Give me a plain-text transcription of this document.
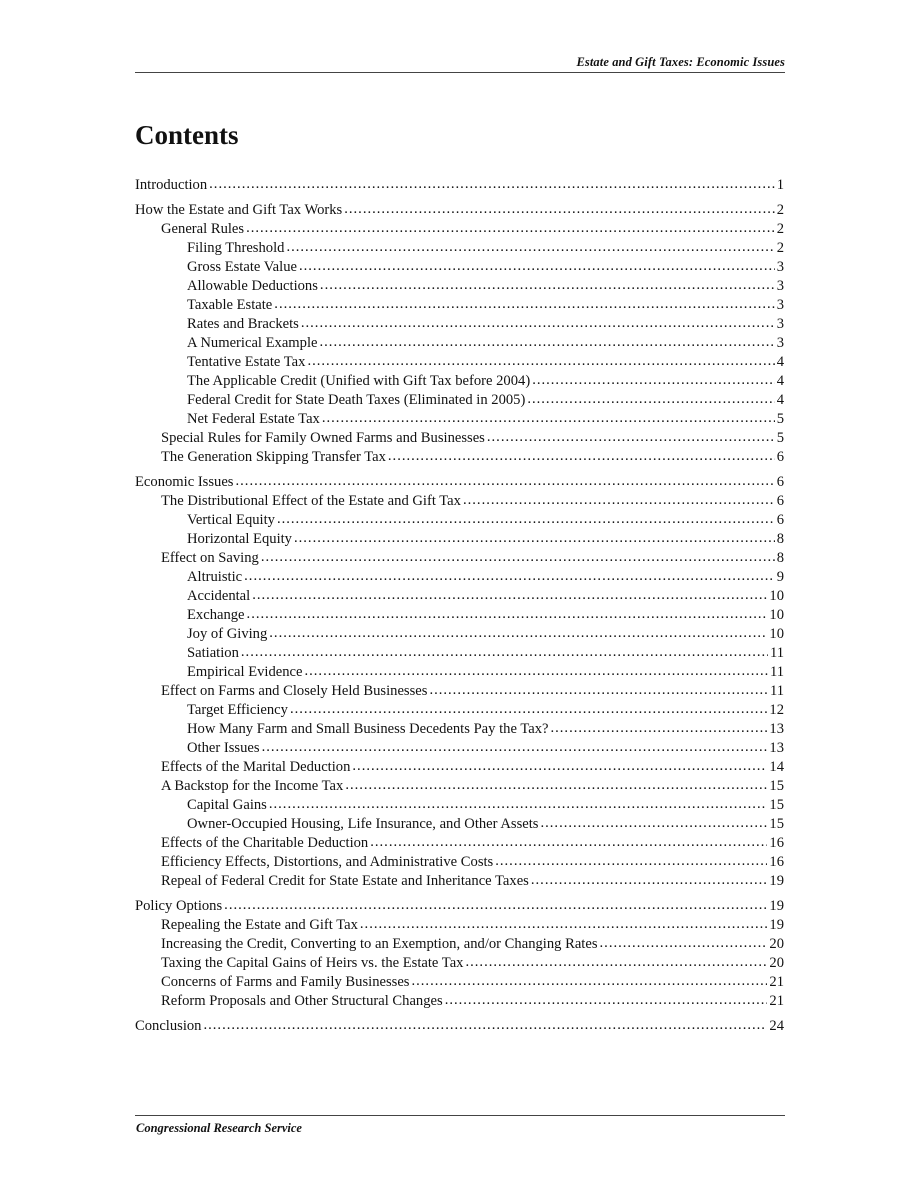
Estate and Gift Taxes: Economic Issues
Contents
Introduction .....	1
How the Estate and Gift Tax Works .....	2
General Rules .....	2
Filing Threshold .....	2
Gross Estate Value .....	3
Allowable Deductions .....	3
Taxable Estate .....	3
Rates and Brackets .....	3
A Numerical Example .....	3
Tentative Estate Tax .....	4
The Applicable Credit (Unified with Gift Tax before 2004) .....	4
Federal Credit for State Death Taxes (Eliminated in 2005) .....	4
Net Federal Estate Tax .....	5
Special Rules for Family Owned Farms and Businesses .....	5
The Generation Skipping Transfer Tax .....	6
Economic Issues .....	6
The Distributional Effect of the Estate and Gift Tax .....	6
Vertical Equity .....	6
Horizontal Equity .....	8
Effect on Saving .....	8
Altruistic .....	9
Accidental .....	10
Exchange .....	10
Joy of Giving .....	10
Satiation .....	11
Empirical Evidence .....	11
Effect on Farms and Closely Held Businesses .....	11
Target Efficiency .....	12
How Many Farm and Small Business Decedents Pay the Tax? .....	13
Other Issues .....	13
Effects of the Marital Deduction .....	14
A Backstop for the Income Tax .....	15
Capital Gains .....	15
Owner-Occupied Housing, Life Insurance, and Other Assets .....	15
Effects of the Charitable Deduction .....	16
Efficiency Effects, Distortions, and Administrative Costs .....	16
Repeal of Federal Credit for State Estate and Inheritance Taxes .....	19
Policy Options .....	19
Repealing the Estate and Gift Tax .....	19
Increasing the Credit, Converting to an Exemption, and/or Changing Rates .....	20
Taxing the Capital Gains of Heirs vs. the Estate Tax .....	20
Concerns of Farms and Family Businesses .....	21
Reform Proposals and Other Structural Changes .....	21
Conclusion .....	24
Congressional Research Service
